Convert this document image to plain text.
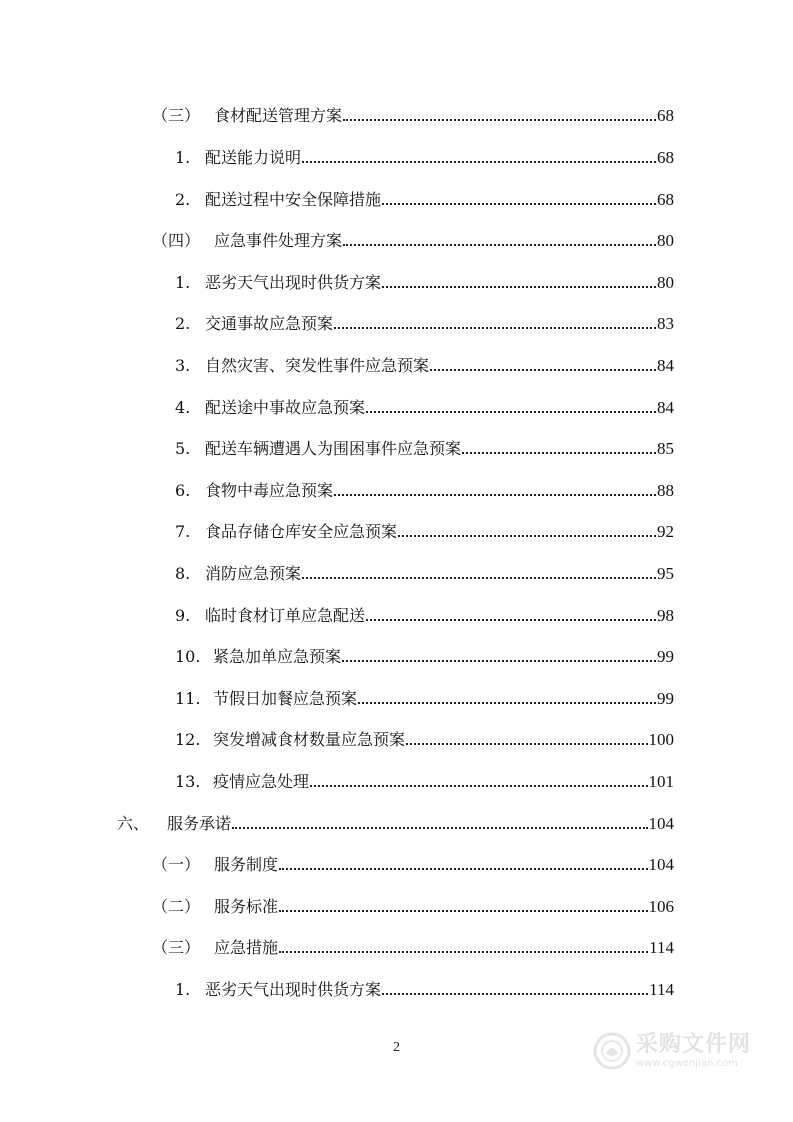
（三） 食材配送管理方案	68
1. 配送能力说明	68
2. 配送过程中安全保障措施	68
（四） 应急事件处理方案	80
1. 恶劣天气出现时供货方案	80
2. 交通事故应急预案	83
3. 自然灾害、突发性事件应急预案	84
4. 配送途中事故应急预案	84
5. 配送车辆遭遇人为围困事件应急预案	85
6. 食物中毒应急预案	88
7. 食品存储仓库安全应急预案	92
8. 消防应急预案	95
9. 临时食材订单应急配送	98
10. 紧急加单应急预案	99
11. 节假日加餐应急预案	99
12. 突发增减食材数量应急预案	100
13. 疫情应急处理	101
六、	服务承诺	104
（一） 服务制度	104
（二） 服务标准	106
（三） 应急措施	114
1. 恶劣天气出现时供货方案	114
2	采购文件网
www.cgwenjian.com
